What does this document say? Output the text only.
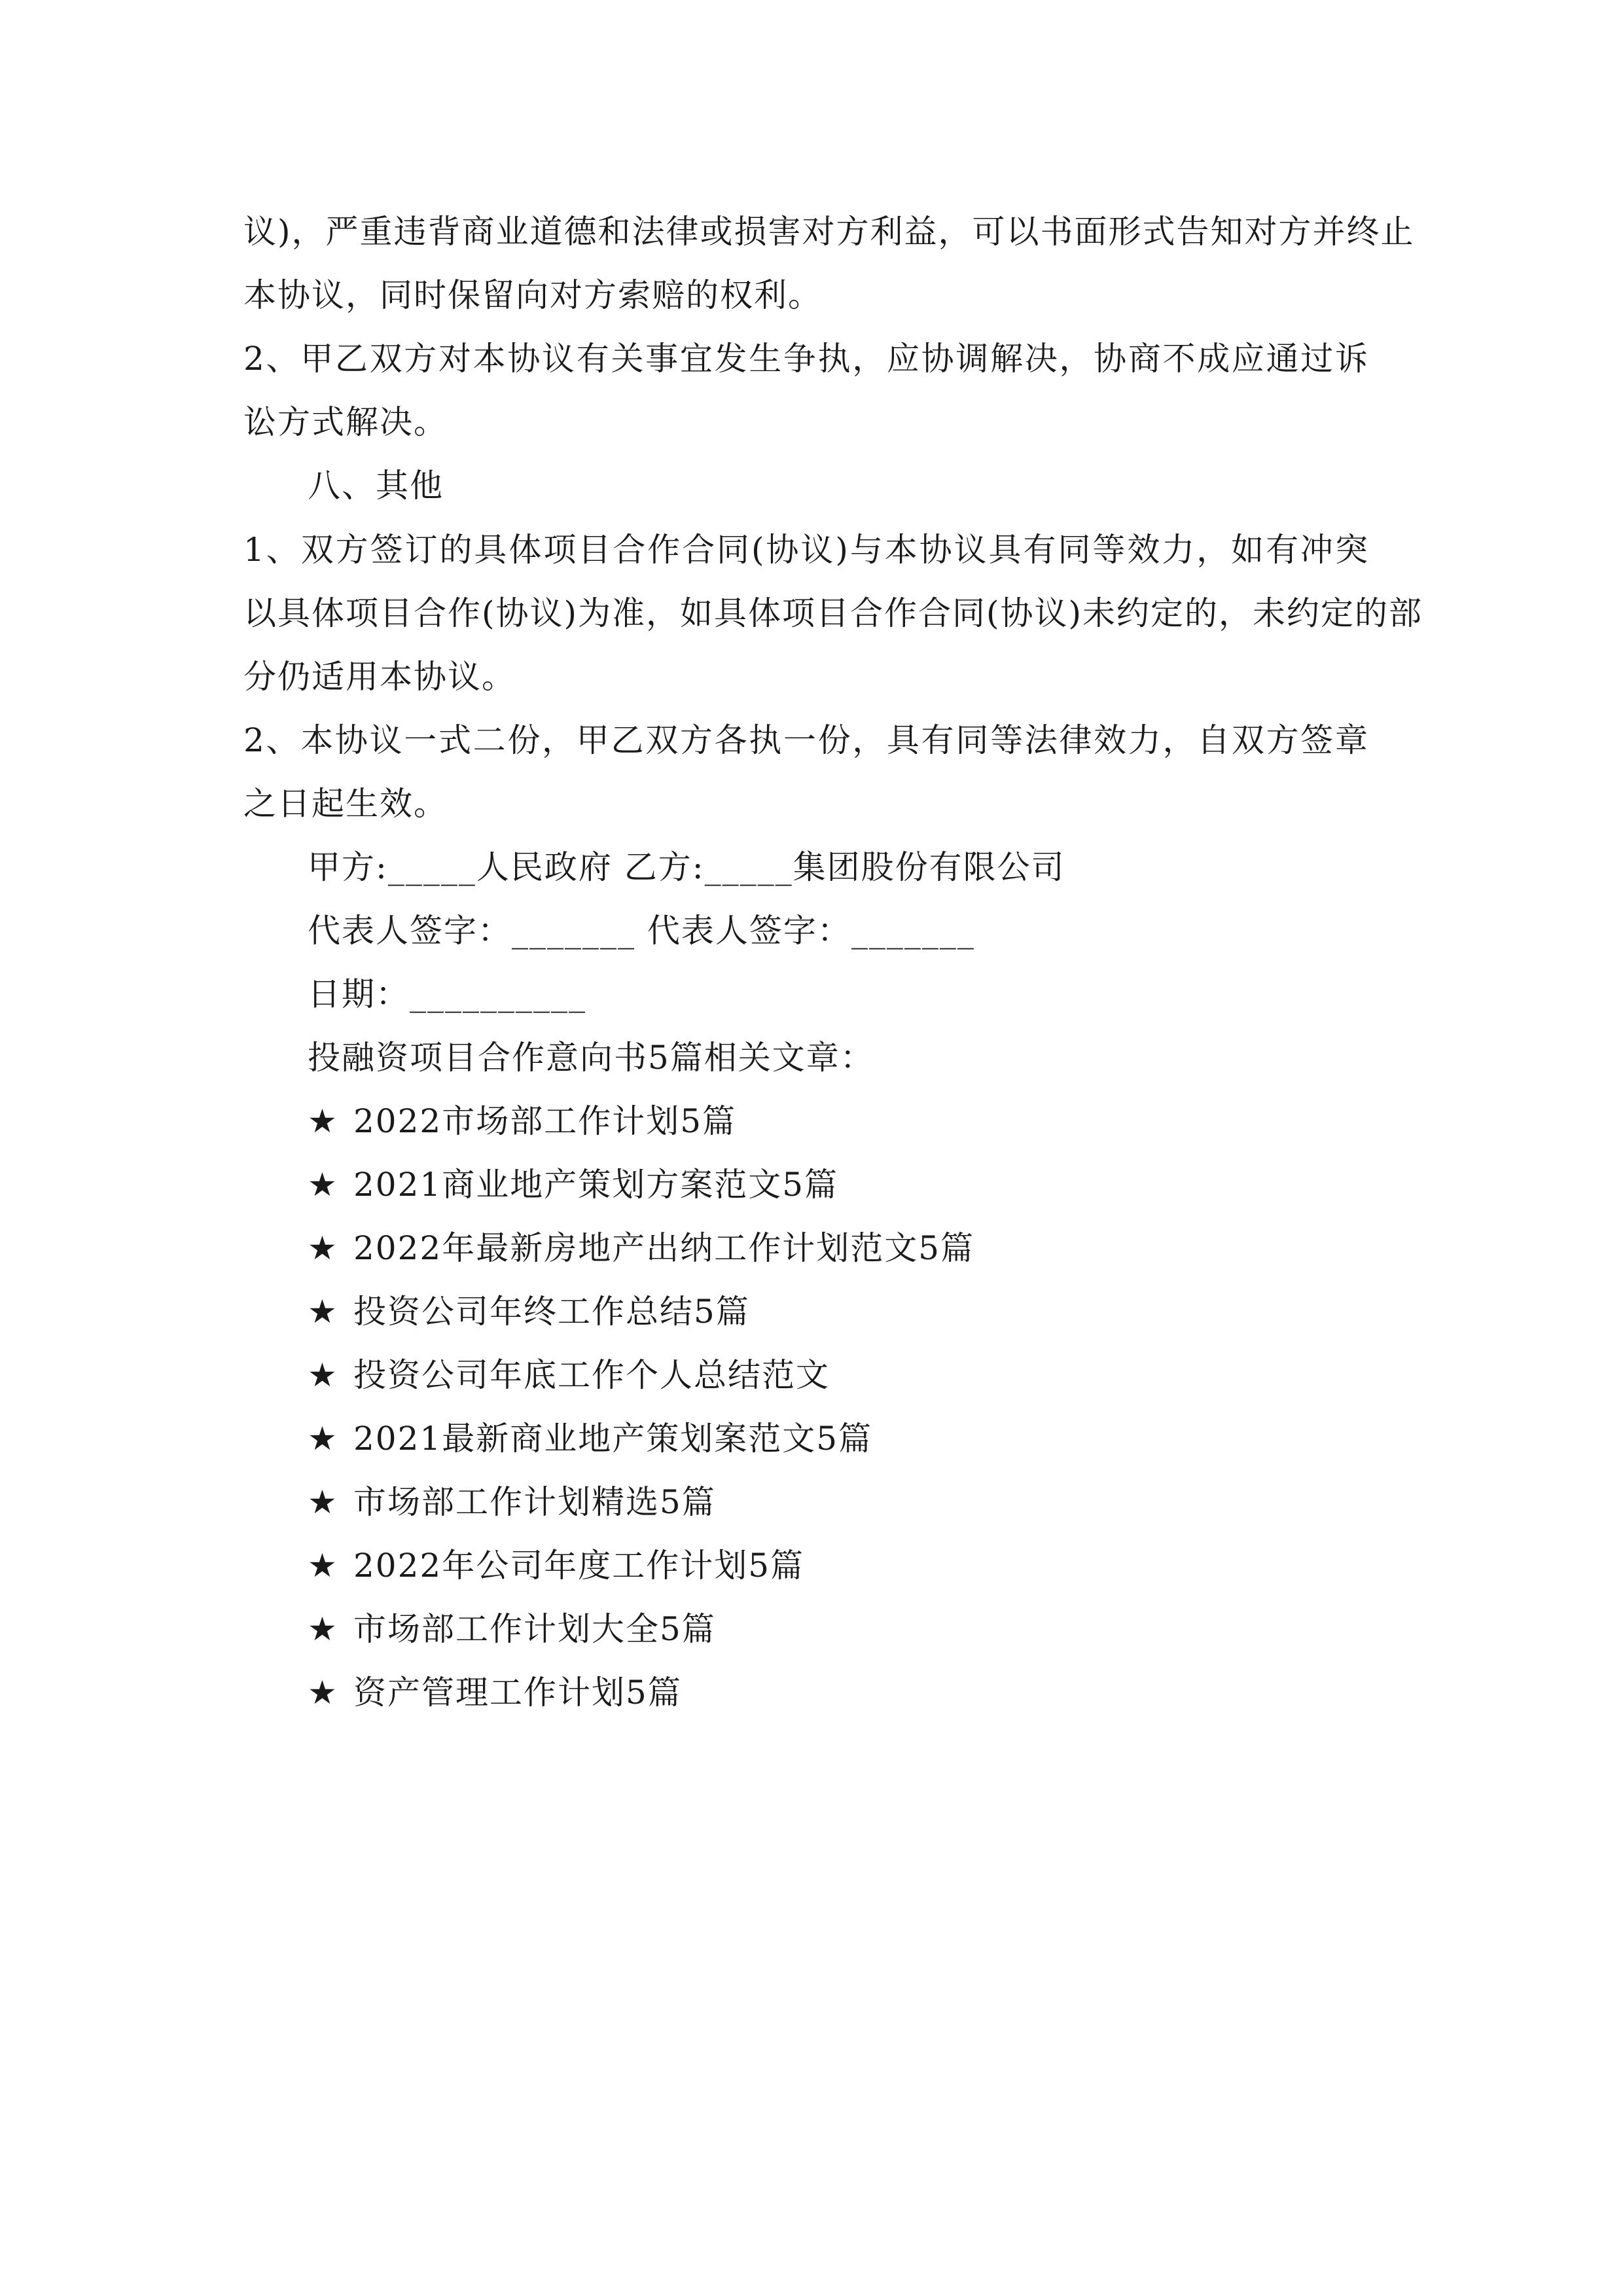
议)，严重违背商业道德和法律或损害对方利益，可以书面形式告知对方并终止
本协议，同时保留向对方索赔的权利。
2、甲乙双方对本协议有关事宜发生争执，应协调解决，协商不成应通过诉
讼方式解决。
八、其他
1、双方签订的具体项目合作合同(协议)与本协议具有同等效力，如有冲突
以具体项目合作(协议)为准，如具体项目合作合同(协议)未约定的，未约定的部
分仍适用本协议。
2、本协议一式二份，甲乙双方各执一份，具有同等法律效力，自双方签章
之日起生效。
甲方:_____人民政府 乙方:_____集团股份有限公司
代表人签字：_______ 代表人签字：_______
日期：__________
投融资项目合作意向书5篇相关文章：
★ 2022市场部工作计划5篇
★ 2021商业地产策划方案范文5篇
★ 2022年最新房地产出纳工作计划范文5篇
★ 投资公司年终工作总结5篇
★ 投资公司年底工作个人总结范文
★ 2021最新商业地产策划案范文5篇
★ 市场部工作计划精选5篇
★ 2022年公司年度工作计划5篇
★ 市场部工作计划大全5篇
★ 资产管理工作计划5篇
